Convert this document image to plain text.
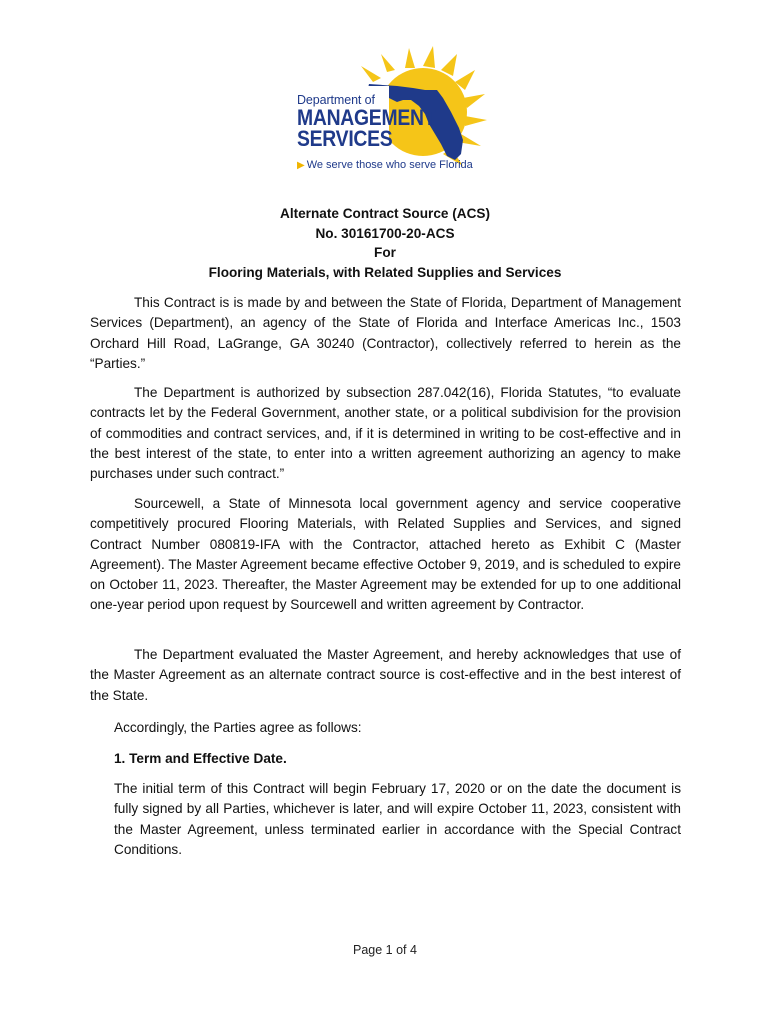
Department of
MANAGEMENT
SERVICES
▶ We serve those who serve Florida
Alternate Contract Source (ACS)
No. 30161700-20-ACS
For
Flooring Materials, with Related Supplies and Services

This Contract is is made by and between the State of Florida, Department of Management Services (Department), an agency of the State of Florida and Interface Americas Inc., 1503 Orchard Hill Road, LaGrange, GA 30240 (Contractor), collectively referred to herein as the “Parties.”

The Department is authorized by subsection 287.042(16), Florida Statutes, “to evaluate contracts let by the Federal Government, another state, or a political subdivision for the provision of commodities and contract services, and, if it is determined in writing to be cost-effective and in the best interest of the state, to enter into a written agreement authorizing an agency to make purchases under such contract.”

Sourcewell, a State of Minnesota local government agency and service cooperative competitively procured Flooring Materials, with Related Supplies and Services, and signed Contract Number 080819-IFA with the Contractor, attached hereto as Exhibit C (Master Agreement). The Master Agreement became effective October 9, 2019, and is scheduled to expire on October 11, 2023. Thereafter, the Master Agreement may be extended for up to one additional one-year period upon request by Sourcewell and written agreement by Contractor.

The Department evaluated the Master Agreement, and hereby acknowledges that use of the Master Agreement as an alternate contract source is cost-effective and in the best interest of the State.

Accordingly, the Parties agree as follows:

1. Term and Effective Date.

The initial term of this Contract will begin February 17, 2020 or on the date the document is fully signed by all Parties, whichever is later, and will expire October 11, 2023, consistent with the Master Agreement, unless terminated earlier in accordance with the Special Contract Conditions.

Page 1 of 4
